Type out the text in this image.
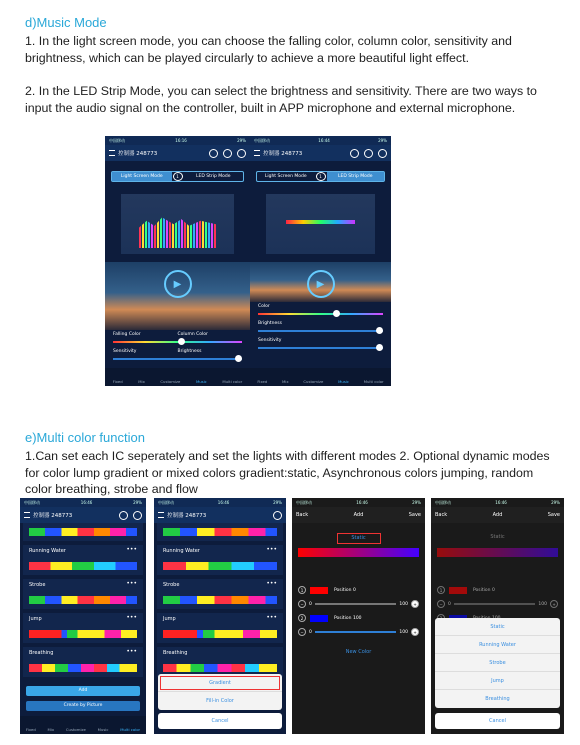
d)Music Mode
1. In the light screen mode, you can choose the falling color, column color, sensitivity and brightness, which can be played circularly to achieve a more beautiful light effect.
2. In the LED Strip Mode, you can select the brightness and sensitivity. There are two ways to input the audio signal on the controller, built in APP microphone and external microphone.
中国移动	16:16	29%
控制器 248773
Light Screen Mode	1	LED Strip Mode
▶
Falling Color	Column Color
Sensitivity	Brightness
Fixed	Mix	Customize	Music	Multi color
中国移动	16:44	29%
控制器 248773
Light Screen Mode	1	LED Strip Mode
▶
Color
Brightness
Sensitivity
Fixed	Mix	Customize	Music	Multi color
e)Multi color function
1.Can set each IC seperately and set the lights with different modes 2. Optional dynamic modes for color lump gradient or mixed colors gradient:static, Asynchronous colors jumping, random color breathing, strobe and flow
中国移动	16:46	29%
控制器 248773
Running Water	•••
Strobe	•••
Jump	•••
Breathing	•••
Add
Create by Picture
Fixed	Mix	Customize	Music	Multi color
中国移动	16:46	29%
控制器 248773
Running Water	•••
Strobe	•••
Jump	•••
Breathing
Gradient
Fill-in Color
Cancel
中国移动	16:46	29%
Back	Add	Save
Static
1	Position 0
−	0	100	+
2	Position 100
−	0	100	+
New Color
中国移动	16:46	29%
Back	Add	Save
Static
1	Position 0
−	0	100	+
Static
Running Water
Strobe
Jump
Breathing
Cancel
